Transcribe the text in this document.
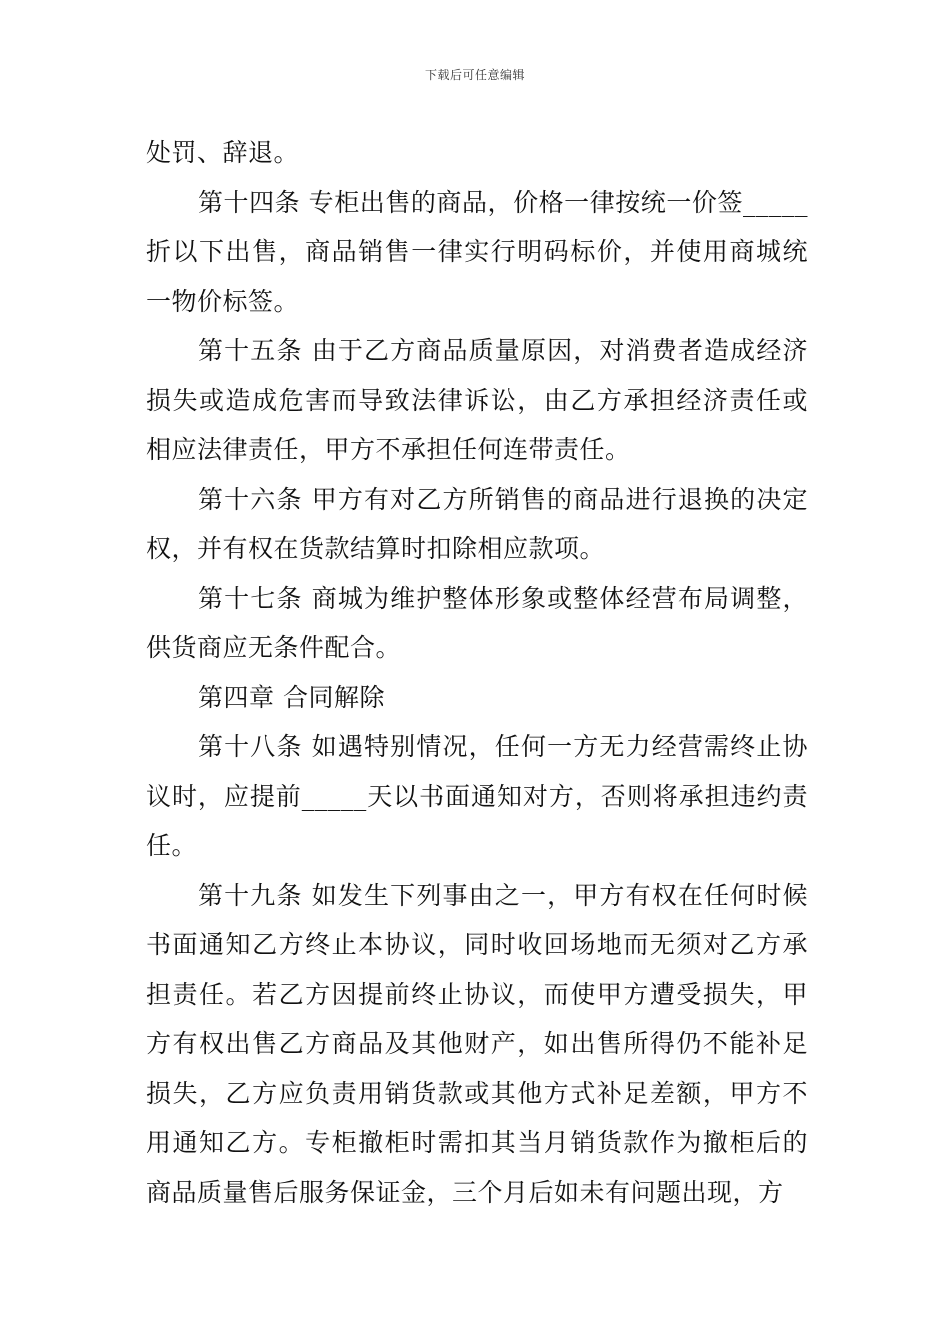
下载后可任意编辑

处罚、辞退。

第十四条 专柜出售的商品，价格一律按统一价签_____折以下出售，商品销售一律实行明码标价，并使用商城统一物价标签。

第十五条 由于乙方商品质量原因，对消费者造成经济损失或造成危害而导致法律诉讼，由乙方承担经济责任或相应法律责任，甲方不承担任何连带责任。

第十六条 甲方有对乙方所销售的商品进行退换的决定权，并有权在货款结算时扣除相应款项。

第十七条 商城为维护整体形象或整体经营布局调整，供货商应无条件配合。

第四章 合同解除

第十八条 如遇特别情况，任何一方无力经营需终止协议时，应提前_____天以书面通知对方，否则将承担违约责任。

第十九条 如发生下列事由之一，甲方有权在任何时候书面通知乙方终止本协议，同时收回场地而无须对乙方承担责任。若乙方因提前终止协议，而使甲方遭受损失，甲方有权出售乙方商品及其他财产，如出售所得仍不能补足损失，乙方应负责用销货款或其他方式补足差额，甲方不用通知乙方。专柜撤柜时需扣其当月销货款作为撤柜后的商品质量售后服务保证金，三个月后如未有问题出现，方
